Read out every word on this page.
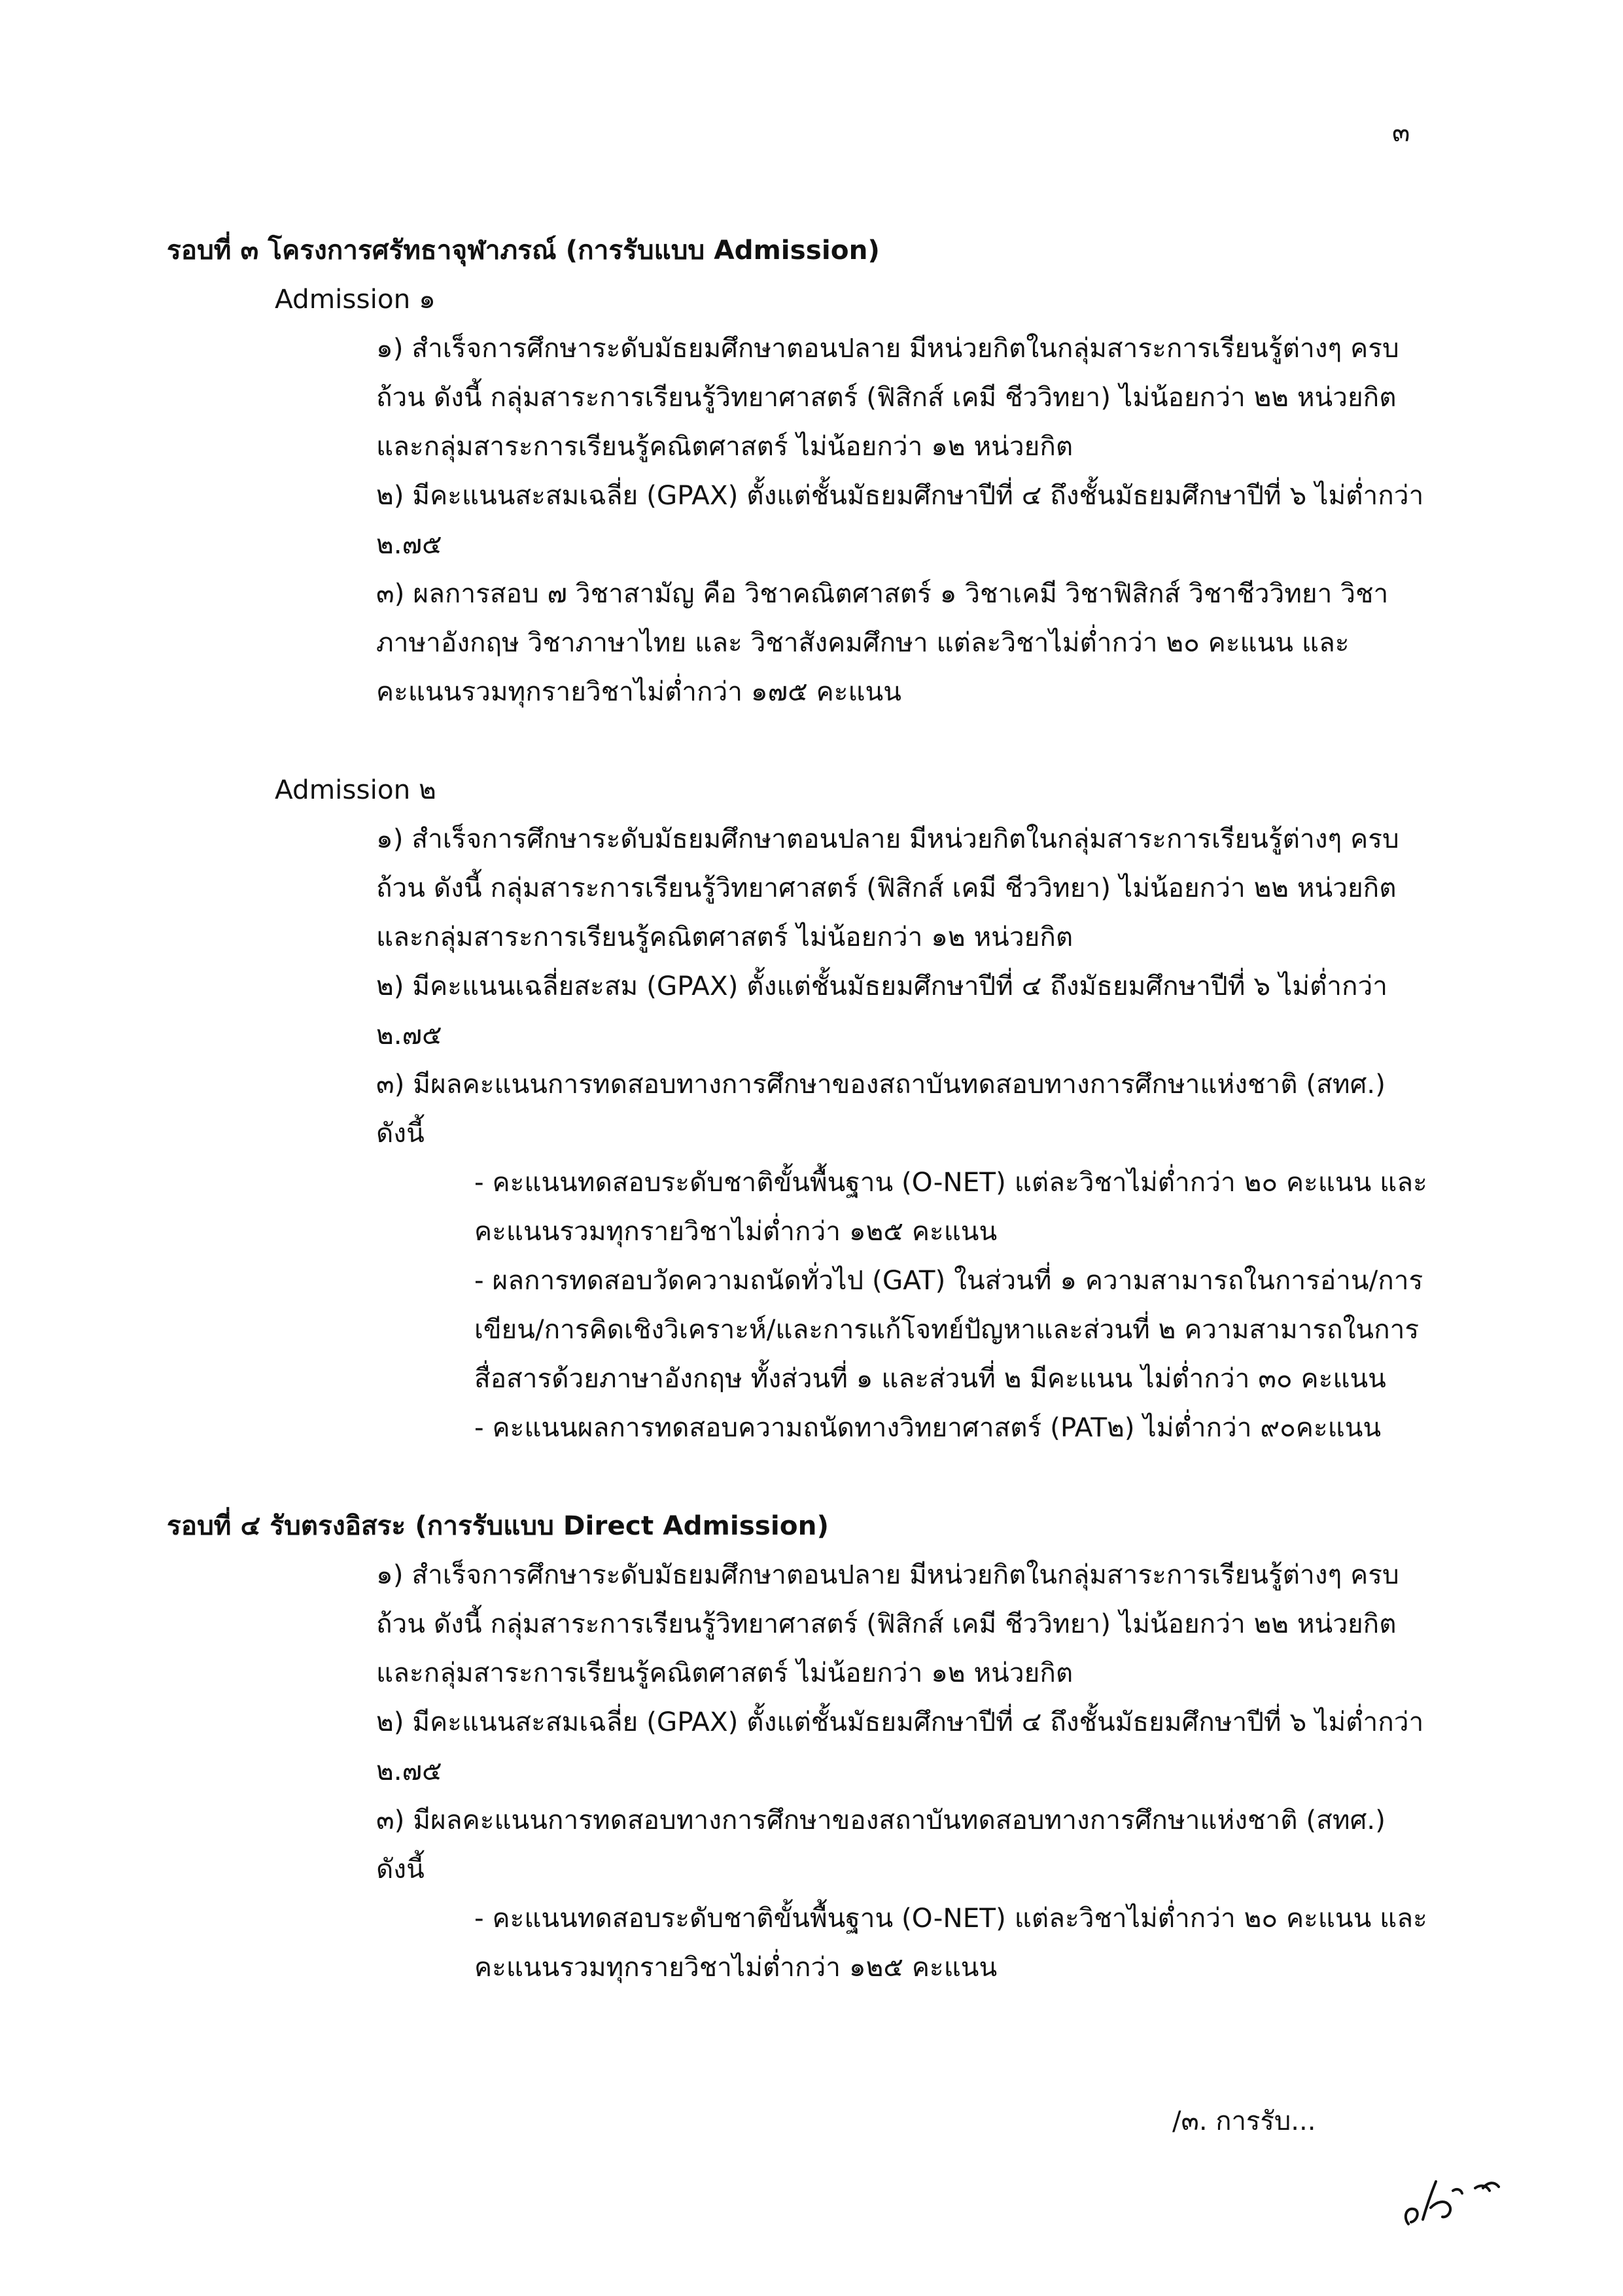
๓

รอบที่ ๓ โครงการศรัทธาจุฬาภรณ์ (การรับแบบ Admission)

Admission ๑

๑) สำเร็จการศึกษาระดับมัธยมศึกษาตอนปลาย มีหน่วยกิตในกลุ่มสาระการเรียนรู้ต่างๆ ครบถ้วน ดังนี้ กลุ่มสาระการเรียนรู้วิทยาศาสตร์ (ฟิสิกส์ เคมี ชีววิทยา) ไม่น้อยกว่า ๒๒ หน่วยกิต และกลุ่มสาระการเรียนรู้คณิตศาสตร์ ไม่น้อยกว่า ๑๒ หน่วยกิต

๒) มีคะแนนสะสมเฉลี่ย (GPAX) ตั้งแต่ชั้นมัธยมศึกษาปีที่ ๔ ถึงชั้นมัธยมศึกษาปีที่ ๖ ไม่ต่ำกว่า ๒.๗๕

๓) ผลการสอบ ๗ วิชาสามัญ คือ วิชาคณิตศาสตร์ ๑ วิชาเคมี วิชาฟิสิกส์ วิชาชีววิทยา วิชาภาษาอังกฤษ วิชาภาษาไทย และ วิชาสังคมศึกษา แต่ละวิชาไม่ต่ำกว่า ๒๐ คะแนน และคะแนนรวมทุกรายวิชาไม่ต่ำกว่า ๑๗๕ คะแนน

Admission ๒

๑) สำเร็จการศึกษาระดับมัธยมศึกษาตอนปลาย มีหน่วยกิตในกลุ่มสาระการเรียนรู้ต่างๆ ครบถ้วน ดังนี้ กลุ่มสาระการเรียนรู้วิทยาศาสตร์ (ฟิสิกส์ เคมี ชีววิทยา) ไม่น้อยกว่า ๒๒ หน่วยกิต และกลุ่มสาระการเรียนรู้คณิตศาสตร์ ไม่น้อยกว่า ๑๒ หน่วยกิต

๒) มีคะแนนเฉลี่ยสะสม (GPAX) ตั้งแต่ชั้นมัธยมศึกษาปีที่ ๔ ถึงมัธยมศึกษาปีที่ ๖ ไม่ต่ำกว่า ๒.๗๕

๓) มีผลคะแนนการทดสอบทางการศึกษาของสถาบันทดสอบทางการศึกษาแห่งชาติ (สทศ.) ดังนี้

- คะแนนทดสอบระดับชาติขั้นพื้นฐาน (O-NET) แต่ละวิชาไม่ต่ำกว่า ๒๐ คะแนน และคะแนนรวมทุกรายวิชาไม่ต่ำกว่า ๑๒๕ คะแนน

- ผลการทดสอบวัดความถนัดทั่วไป (GAT) ในส่วนที่ ๑ ความสามารถในการอ่าน/การเขียน/การคิดเชิงวิเคราะห์/และการแก้โจทย์ปัญหาและส่วนที่ ๒ ความสามารถในการสื่อสารด้วยภาษาอังกฤษ ทั้งส่วนที่ ๑ และส่วนที่ ๒ มีคะแนน ไม่ต่ำกว่า ๓๐ คะแนน

- คะแนนผลการทดสอบความถนัดทางวิทยาศาสตร์ (PAT๒) ไม่ต่ำกว่า ๙๐คะแนน

รอบที่ ๔ รับตรงอิสระ (การรับแบบ Direct Admission)

๑) สำเร็จการศึกษาระดับมัธยมศึกษาตอนปลาย มีหน่วยกิตในกลุ่มสาระการเรียนรู้ต่างๆ ครบถ้วน ดังนี้ กลุ่มสาระการเรียนรู้วิทยาศาสตร์ (ฟิสิกส์ เคมี ชีววิทยา) ไม่น้อยกว่า ๒๒ หน่วยกิต และกลุ่มสาระการเรียนรู้คณิตศาสตร์ ไม่น้อยกว่า ๑๒ หน่วยกิต

๒) มีคะแนนสะสมเฉลี่ย (GPAX) ตั้งแต่ชั้นมัธยมศึกษาปีที่ ๔ ถึงชั้นมัธยมศึกษาปีที่ ๖ ไม่ต่ำกว่า ๒.๗๕

๓) มีผลคะแนนการทดสอบทางการศึกษาของสถาบันทดสอบทางการศึกษาแห่งชาติ (สทศ.) ดังนี้

- คะแนนทดสอบระดับชาติขั้นพื้นฐาน (O-NET) แต่ละวิชาไม่ต่ำกว่า ๒๐ คะแนน และคะแนนรวมทุกรายวิชาไม่ต่ำกว่า ๑๒๕ คะแนน

/๓. การรับ...
